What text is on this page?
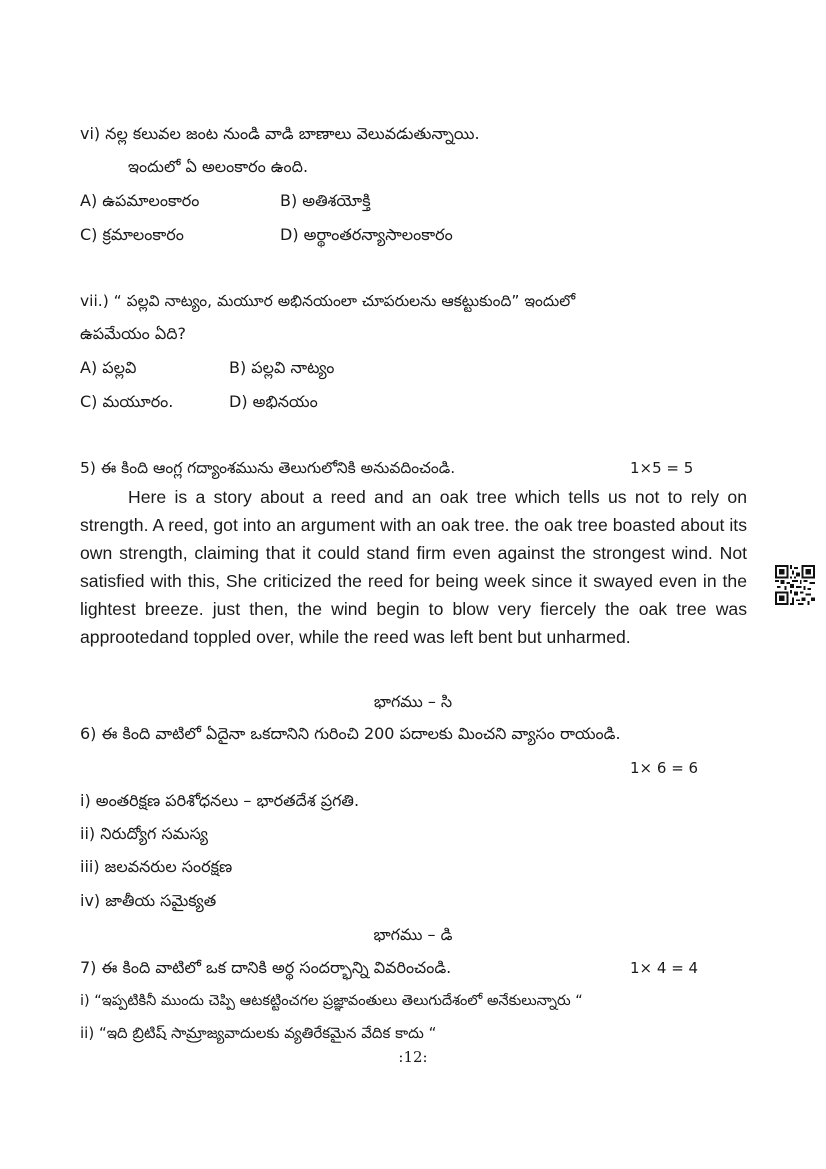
vi) నల్ల కలువల జంట నుండి వాడి బాణాలు వెలువడుతున్నాయి.
ఇందులో ఏ అలంకారం ఉంది.
A) ఉపమాలంకారం	B) అతిశయోక్తి
C) క్రమాలంకారం	D) అర్థాంతరన్యాసాలంకారం
vii.) “ పల్లవి నాట్యం, మయూర అభినయంలా చూపరులను ఆకట్టుకుంది” ఇందులో
ఉపమేయం ఏది?
A) పల్లవి	B) పల్లవి నాట్యం
C) మయూరం.	D) అభినయం
5) ఈ కింది ఆంగ్ల గద్యాంశమును తెలుగులోనికి అనువదించండి.	1×5 = 5
Here is a story about a reed and an oak tree which tells us not to rely on strength. A reed, got into an argument with an oak tree. the oak tree boasted about its own strength, claiming that it could stand firm even against the strongest wind. Not satisfied with this, She criticized the reed for being week since it swayed even in the lightest breeze. just then, the wind begin to blow very fiercely the oak tree was approotedand toppled over, while the reed was left bent but unharmed.
భాగము – సి
6) ఈ కింది వాటిలో ఏదైనా ఒకదానిని గురించి 200 పదాలకు మించని వ్యాసం రాయండి.
1× 6 = 6
i) అంతరిక్షణ పరిశోధనలు – భారతదేశ ప్రగతి.
ii) నిరుద్యోగ సమస్య
iii) జలవనరుల సంరక్షణ
iv) జాతీయ సమైక్యత
భాగము – డి
7) ఈ కింది వాటిలో ఒక దానికి అర్థ సందర్భాన్ని వివరించండి.	1× 4 = 4
i) “ఇప్పటికినీ ముందు చెప్పి ఆటకట్టించగల ప్రజ్ఞావంతులు తెలుగుదేశంలో అనేకులున్నారు “
ii) “ఇది బ్రిటిష్ సామ్రాజ్యవాదులకు వ్యతిరేకమైన వేదిక కాదు “
:12:
